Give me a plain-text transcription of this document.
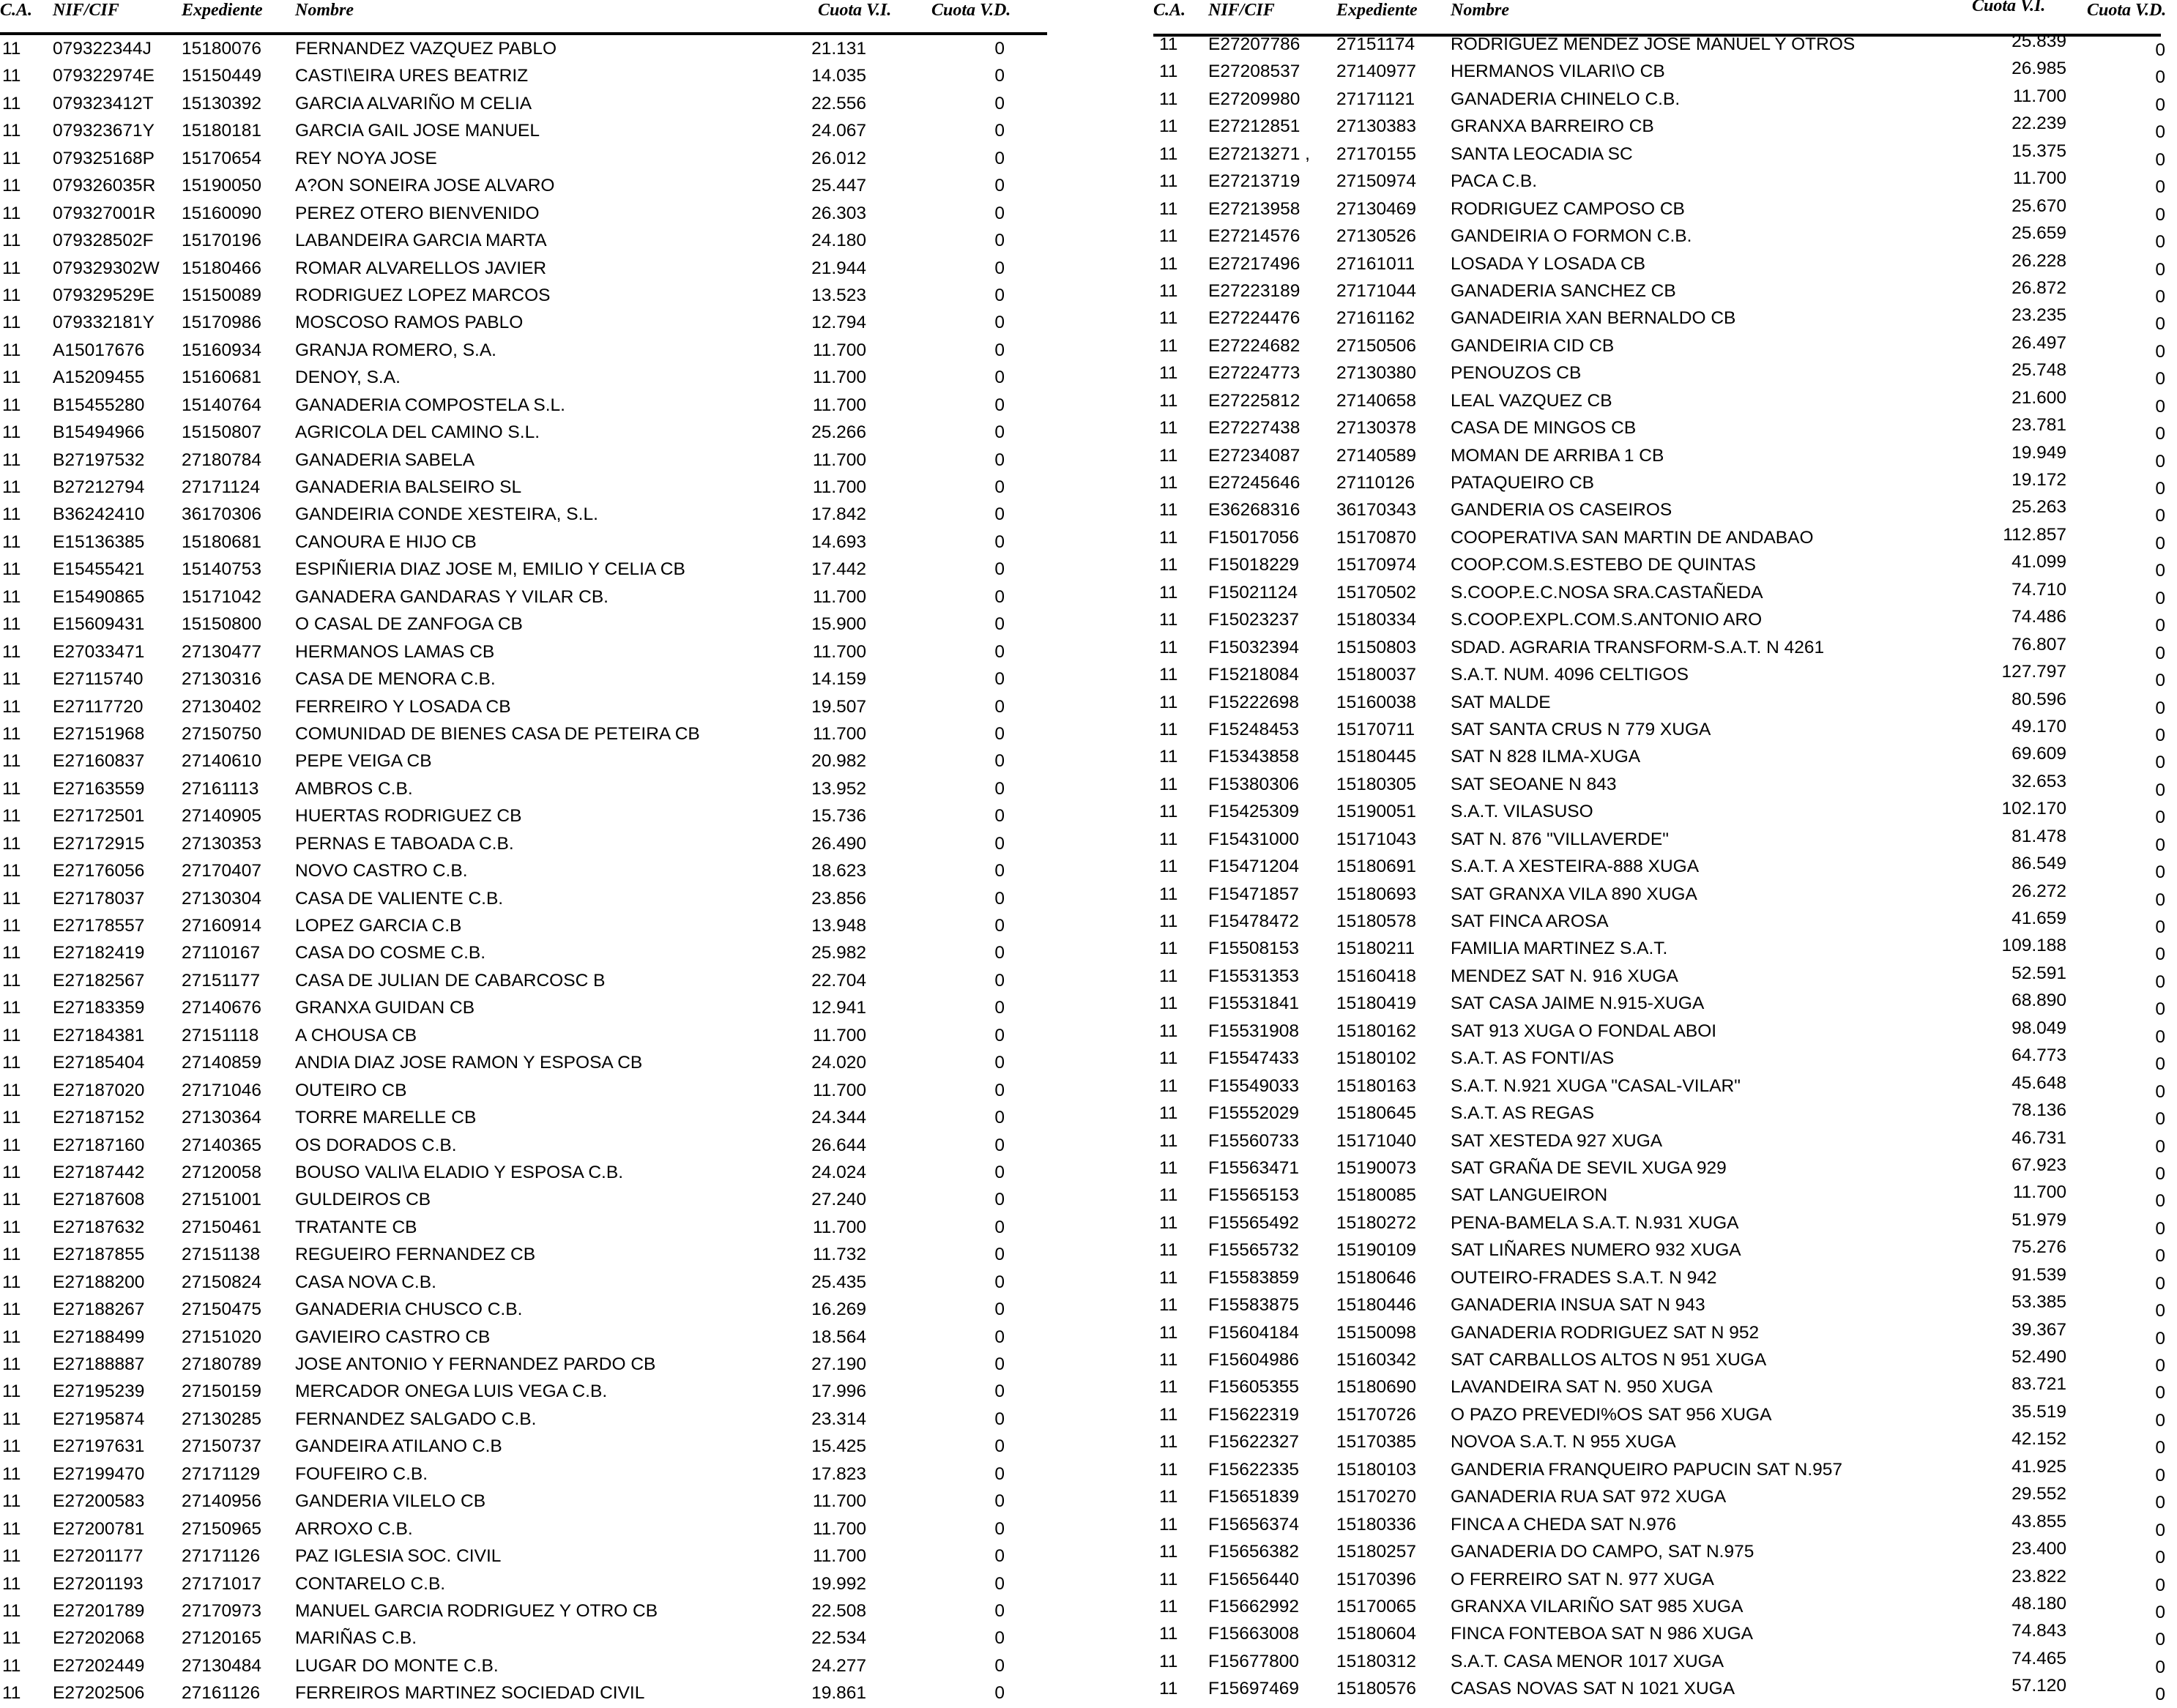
C.A. NIF/CIF	Expediente Nombre	Cuota V.I. Cuota V.D.
11 079322344J 15180076 FERNANDEZ VAZQUEZ PABLO	21.131	0
11 079322974E 15150449 CASTI\EIRA URES BEATRIZ	14.035	0
11 079323412T 15130392 GARCIA ALVARIÑO M CELIA	22.556	0
11 079323671Y 15180181 GARCIA GAIL JOSE MANUEL	24.067	0
11 079325168P 15170654 REY NOYA JOSE	26.012	0
11 079326035R 15190050 A?ON SONEIRA JOSE ALVARO	25.447	0
11 079327001R 15160090 PEREZ OTERO BIENVENIDO	26.303	0
11 079328502F 15170196 LABANDEIRA GARCIA MARTA	24.180	0
11 079329302W 15180466 ROMAR ALVARELLOS JAVIER	21.944	0
11 079329529E 15150089 RODRIGUEZ LOPEZ MARCOS	13.523	0
11 079332181Y 15170986 MOSCOSO RAMOS PABLO	12.794	0
11 A15017676 15160934 GRANJA ROMERO, S.A.	11.700	0
11 A15209455 15160681 DENOY, S.A.	11.700	0
11 B15455280 15140764 GANADERIA COMPOSTELA S.L.	11.700	0
11 B15494966 15150807 AGRICOLA DEL CAMINO S.L.	25.266	0
11 B27197532 27180784 GANADERIA SABELA	11.700	0
11 B27212794 27171124 GANADERIA BALSEIRO SL	11.700	0
11 B36242410 36170306 GANDEIRIA CONDE XESTEIRA, S.L.	17.842	0
11 E15136385 15180681 CANOURA E HIJO CB	14.693	0
11 E15455421 15140753 ESPIÑIERIA DIAZ JOSE M, EMILIO Y CELIA CB	17.442	0
11 E15490865 15171042 GANADERA GANDARAS Y VILAR CB.	11.700	0
11 E15609431 15150800 O CASAL DE ZANFOGA CB	15.900	0
11 E27033471 27130477 HERMANOS LAMAS CB	11.700	0
11 E27115740 27130316 CASA DE MENORA C.B.	14.159	0
11 E27117720 27130402 FERREIRO Y LOSADA CB	19.507	0
11 E27151968 27150750 COMUNIDAD DE BIENES CASA DE PETEIRA CB	11.700	0
11 E27160837 27140610 PEPE VEIGA CB	20.982	0
11 E27163559 27161113 AMBROS C.B.	13.952	0
11 E27172501 27140905 HUERTAS RODRIGUEZ CB	15.736	0
11 E27172915 27130353 PERNAS E TABOADA C.B.	26.490	0
11 E27176056 27170407 NOVO CASTRO C.B.	18.623	0
11 E27178037 27130304 CASA DE VALIENTE C.B.	23.856	0
11 E27178557 27160914 LOPEZ GARCIA C.B	13.948	0
11 E27182419 27110167 CASA DO COSME C.B.	25.982	0
11 E27182567 27151177 CASA DE JULIAN DE CABARCOSC B	22.704	0
11 E27183359 27140676 GRANXA GUIDAN CB	12.941	0
11 E27184381 27151118 A CHOUSA CB	11.700	0
11 E27185404 27140859 ANDIA DIAZ JOSE RAMON Y ESPOSA CB	24.020	0
11 E27187020 27171046 OUTEIRO CB	11.700	0
11 E27187152 27130364 TORRE MARELLE CB	24.344	0
11 E27187160 27140365 OS DORADOS C.B.	26.644	0
11 E27187442 27120058 BOUSO VALI\A ELADIO Y ESPOSA C.B.	24.024	0
11 E27187608 27151001 GULDEIROS CB	27.240	0
11 E27187632 27150461 TRATANTE CB	11.700	0
11 E27187855 27151138 REGUEIRO FERNANDEZ CB	11.732	0
11 E27188200 27150824 CASA NOVA C.B.	25.435	0
11 E27188267 27150475 GANADERIA CHUSCO C.B.	16.269	0
11 E27188499 27151020 GAVIEIRO CASTRO CB	18.564	0
11 E27188887 27180789 JOSE ANTONIO Y FERNANDEZ PARDO CB	27.190	0
11 E27195239 27150159 MERCADOR ONEGA LUIS VEGA C.B.	17.996	0
11 E27195874 27130285 FERNANDEZ SALGADO C.B.	23.314	0
11 E27197631 27150737 GANDEIRA ATILANO C.B	15.425	0
11 E27199470 27171129 FOUFEIRO C.B.	17.823	0
11 E27200583 27140956 GANDERIA VILELO CB	11.700	0
11 E27200781 27150965 ARROXO C.B.	11.700	0
11 E27201177 27171126 PAZ IGLESIA SOC. CIVIL	11.700	0
11 E27201193 27171017 CONTARELO C.B.	19.992	0
11 E27201789 27170973 MANUEL GARCIA RODRIGUEZ Y OTRO CB	22.508	0
11 E27202068 27120165 MARIÑAS C.B.	22.534	0
11 E27202449 27130484 LUGAR DO MONTE C.B.	24.277	0
11 E27202506 27161126 FERREIROS MARTINEZ SOCIEDAD CIVIL	19.861	0
C.A. NIF/CIF	Expediente Nombre	Cuota V.I. Cuota V.D.
11 E27207786 27151174 RODRIGUEZ MENDEZ JOSE MANUEL Y OTROS	25.839	0
11 E27208537 27140977 HERMANOS VILARI\O CB	26.985	0
11 E27209980 27171121 GANADERIA CHINELO C.B.	11.700	0
11 E27212851 27130383 GRANXA BARREIRO CB	22.239	0
11 E27213271 , 27170155 SANTA LEOCADIA SC	15.375	0
11 E27213719 27150974 PACA C.B.	11.700	0
11 E27213958 27130469 RODRIGUEZ CAMPOSO CB	25.670	0
11 E27214576 27130526 GANDEIRIA O FORMON C.B.	25.659	0
11 E27217496 27161011 LOSADA Y LOSADA CB	26.228	0
11 E27223189 27171044 GANADERIA SANCHEZ CB	26.872	0
11 E27224476 27161162 GANADEIRIA XAN BERNALDO CB	23.235	0
11 E27224682 27150506 GANDEIRIA CID CB	26.497	0
11 E27224773 27130380 PENOUZOS CB	25.748	0
11 E27225812 27140658 LEAL VAZQUEZ CB	21.600	0
11 E27227438 27130378 CASA DE MINGOS CB	23.781	0
11 E27234087 27140589 MOMAN DE ARRIBA 1 CB	19.949	0
11 E27245646 27110126 PATAQUEIRO CB	19.172	0
11 E36268316 36170343 GANDERIA OS CASEIROS	25.263	0
11 F15017056 15170870 COOPERATIVA SAN MARTIN DE ANDABAO	112.857	0
11 F15018229 15170974 COOP.COM.S.ESTEBO DE QUINTAS	41.099	0
11 F15021124 15170502 S.COOP.E.C.NOSA SRA.CASTAÑEDA	74.710	0
11 F15023237 15180334 S.COOP.EXPL.COM.S.ANTONIO ARO	74.486	0
11 F15032394 15150803 SDAD. AGRARIA TRANSFORM-S.A.T. N 4261	76.807	0
11 F15218084 15180037 S.A.T. NUM. 4096 CELTIGOS	127.797	0
11 F15222698 15160038 SAT MALDE	80.596	0
11 F15248453 15170711 SAT SANTA CRUS N 779 XUGA	49.170	0
11 F15343858 15180445 SAT N 828 ILMA-XUGA	69.609	0
11 F15380306 15180305 SAT SEOANE N 843	32.653	0
11 F15425309 15190051 S.A.T. VILASUSO	102.170	0
11 F15431000 15171043 SAT N. 876 "VILLAVERDE"	81.478	0
11 F15471204 15180691 S.A.T. A XESTEIRA-888 XUGA	86.549	0
11 F15471857 15180693 SAT GRANXA VILA 890 XUGA	26.272	0
11 F15478472 15180578 SAT FINCA AROSA	41.659	0
11 F15508153 15180211 FAMILIA MARTINEZ S.A.T.	109.188	0
11 F15531353 15160418 MENDEZ SAT N. 916 XUGA	52.591	0
11 F15531841 15180419 SAT CASA JAIME N.915-XUGA	68.890	0
11 F15531908 15180162 SAT 913 XUGA O FONDAL ABOI	98.049	0
11 F15547433 15180102 S.A.T. AS FONTI/AS	64.773	0
11 F15549033 15180163 S.A.T. N.921 XUGA "CASAL-VILAR"	45.648	0
11 F15552029 15180645 S.A.T. AS REGAS	78.136	0
11 F15560733 15171040 SAT XESTEDA 927 XUGA	46.731	0
11 F15563471 15190073 SAT GRAÑA DE SEVIL XUGA 929	67.923	0
11 F15565153 15180085 SAT LANGUEIRON	11.700	0
11 F15565492 15180272 PENA-BAMELA S.A.T. N.931 XUGA	51.979	0
11 F15565732 15190109 SAT LIÑARES NUMERO 932 XUGA	75.276	0
11 F15583859 15180646 OUTEIRO-FRADES S.A.T. N 942	91.539	0
11 F15583875 15180446 GANADERIA INSUA SAT N 943	53.385	0
11 F15604184 15150098 GANADERIA RODRIGUEZ SAT N 952	39.367	0
11 F15604986 15160342 SAT CARBALLOS ALTOS N 951 XUGA	52.490	0
11 F15605355 15180690 LAVANDEIRA SAT N. 950 XUGA	83.721	0
11 F15622319 15170726 O PAZO PREVEDI%OS SAT 956 XUGA	35.519	0
11 F15622327 15170385 NOVOA S.A.T. N 955 XUGA	42.152	0
11 F15622335 15180103 GANDERIA FRANQUEIRO PAPUCIN SAT N.957	41.925	0
11 F15651839 15170270 GANADERIA RUA SAT 972 XUGA	29.552	0
11 F15656374 15180336 FINCA A CHEDA SAT N.976	43.855	0
11 F15656382 15180257 GANADERIA DO CAMPO, SAT N.975	23.400	0
11 F15656440 15170396 O FERREIRO SAT N. 977 XUGA	23.822	0
11 F15662992 15170065 GRANXA VILARIÑO SAT 985 XUGA	48.180	0
11 F15663008 15180604 FINCA FONTEBOA SAT N 986 XUGA	74.843	0
11 F15677800 15180312 S.A.T. CASA MENOR 1017 XUGA	74.465	0
11 F15697469 15180576 CASAS NOVAS SAT N 1021 XUGA	57.120	0
